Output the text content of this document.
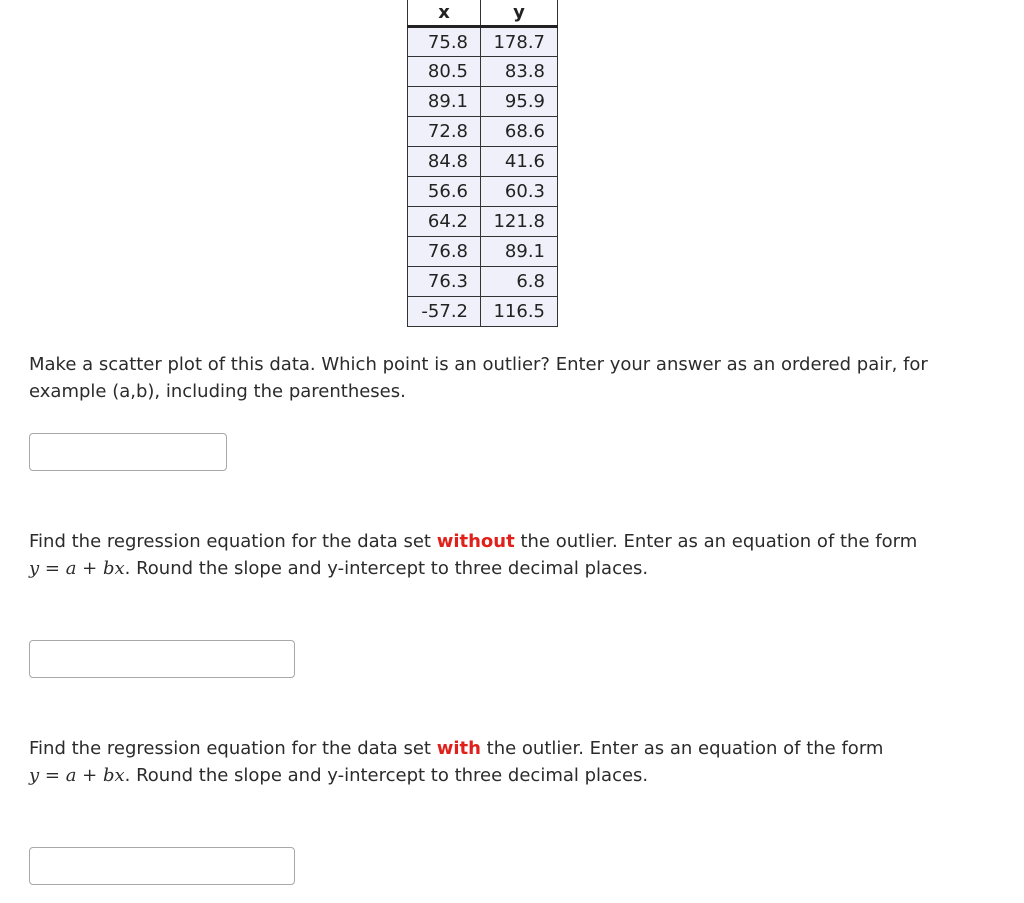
x	y
75.8	178.7
80.5	83.8
89.1	95.9
72.8	68.6
84.8	41.6
56.6	60.3
64.2	121.8
76.8	89.1
76.3	6.8
-57.2	116.5
Make a scatter plot of this data. Which point is an outlier? Enter your answer as an ordered pair, for example (a,b), including the parentheses.
Find the regression equation for the data set without the outlier. Enter as an equation of the form
y = a + bx. Round the slope and y-intercept to three decimal places.
Find the regression equation for the data set with the outlier. Enter as an equation of the form
y = a + bx. Round the slope and y-intercept to three decimal places.
